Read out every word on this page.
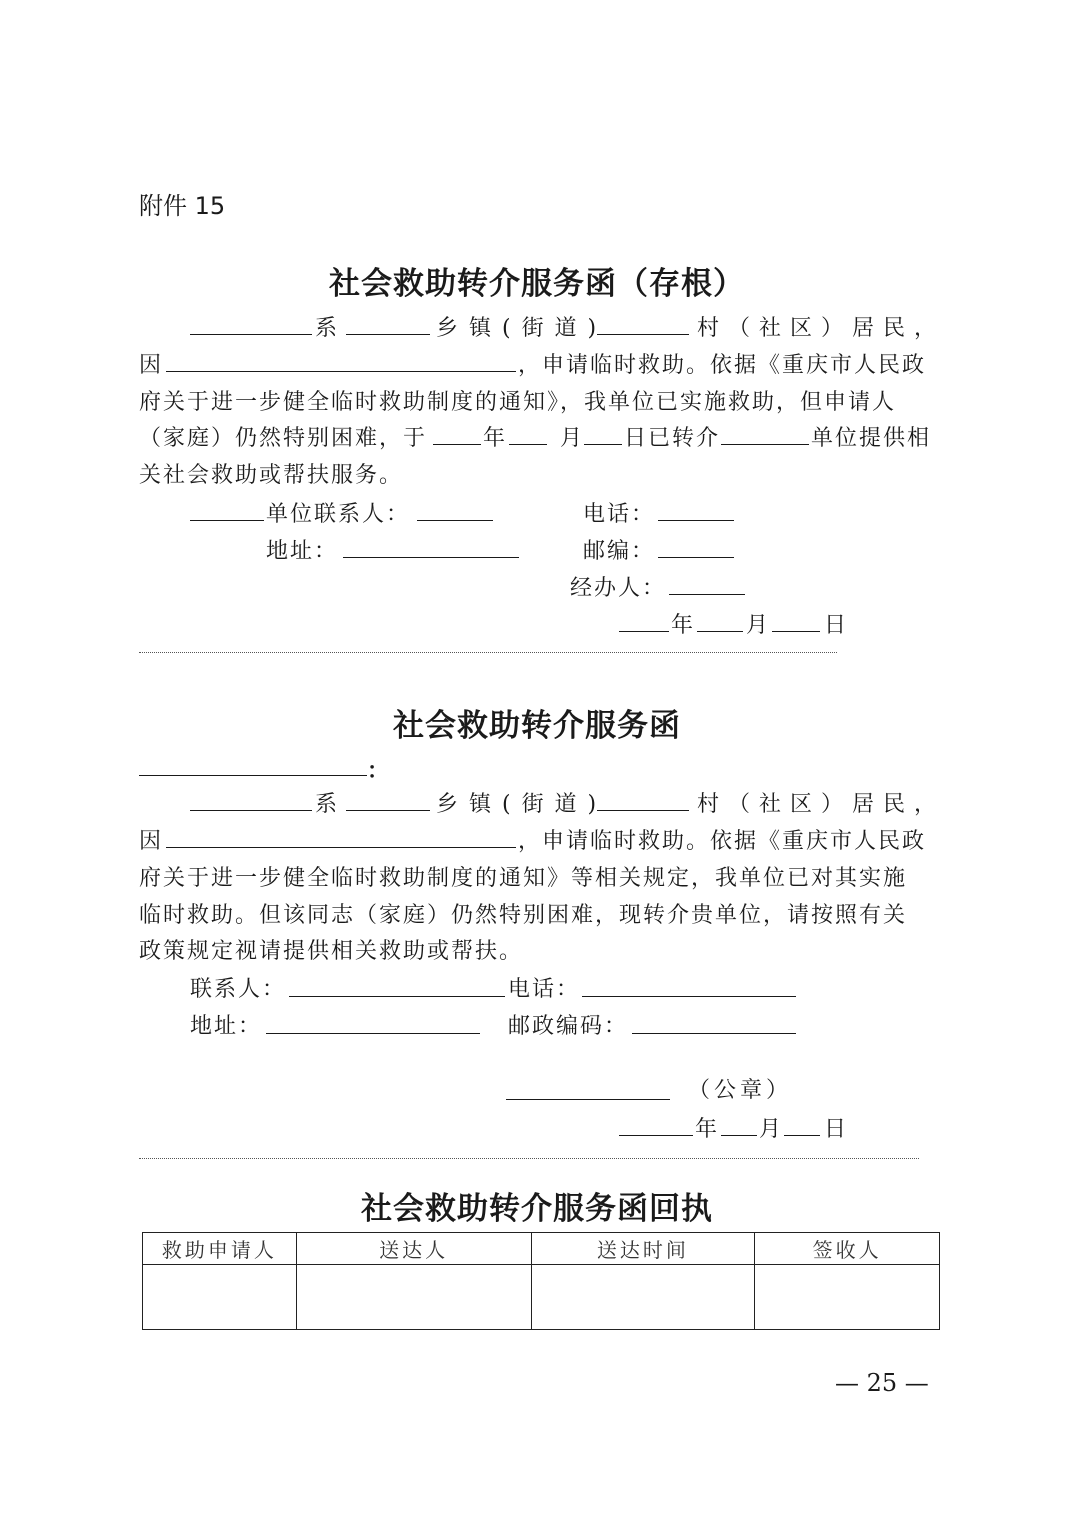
附件 15
社会救助转介服务函（存根）
系	乡 镇 ( 街 道 )	村 （ 社 区 ） 居 民 ，
因	，申请临时救助。依据《重庆市人民政
府关于进一步健全临时救助制度的通知》，我单位已实施救助，但申请人
（家庭）仍然特别困难，于	年 月 日已转介	单位提供相
关社会救助或帮扶服务。
单位联系人：	电话：
地址：	邮编：
经办人：
年 月 日
社会救助转介服务函
：
系	乡 镇 ( 街 道 )	村 （ 社 区 ） 居 民 ，
因	，申请临时救助。依据《重庆市人民政
府关于进一步健全临时救助制度的通知》等相关规定，我单位已对其实施
临时救助。但该同志（家庭）仍然特别困难，现转介贵单位，请按照有关
政策规定视请提供相关救助或帮扶。
联系人：	电话：
地址：	邮政编码：
（公章）
年 月 日
社会救助转介服务函回执
救助申请人	送达人	送达时间	签收人

— 25 —
